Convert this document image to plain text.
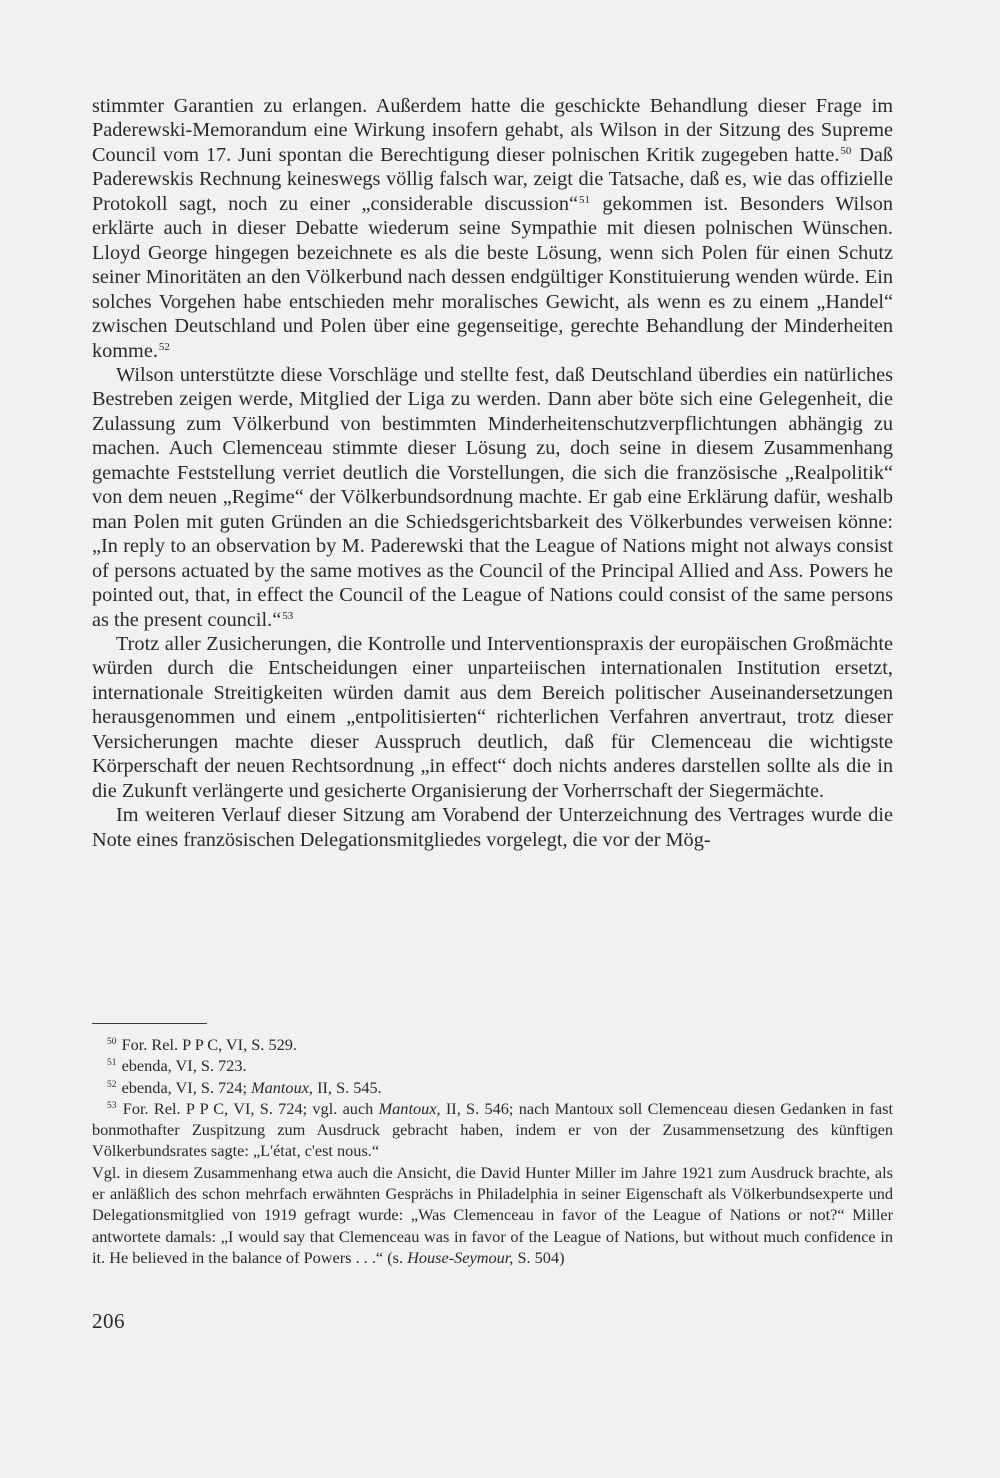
stimmter Garantien zu erlangen. Außerdem hatte die geschickte Behandlung dieser Frage im Paderewski-Memorandum eine Wirkung insofern gehabt, als Wilson in der Sitzung des Supreme Council vom 17. Juni spontan die Berechtigung dieser polnischen Kritik zugegeben hatte.$^{50}$ Daß Paderewskis Rechnung keineswegs völlig falsch war, zeigt die Tatsache, daß es, wie das offizielle Protokoll sagt, noch zu einer „considerable discussion“$^{51}$ gekommen ist. Besonders Wilson erklärte auch in dieser Debatte wiederum seine Sympathie mit diesen polnischen Wünschen. Lloyd George hingegen bezeichnete es als die beste Lösung, wenn sich Polen für einen Schutz seiner Minoritäten an den Völkerbund nach dessen endgültiger Konstituierung wenden würde. Ein solches Vorgehen habe entschieden mehr moralisches Gewicht, als wenn es zu einem „Handel“ zwischen Deutschland und Polen über eine gegenseitige, gerechte Behandlung der Minderheiten komme.$^{52}$

Wilson unterstützte diese Vorschläge und stellte fest, daß Deutschland überdies ein natürliches Bestreben zeigen werde, Mitglied der Liga zu werden. Dann aber böte sich eine Gelegenheit, die Zulassung zum Völkerbund von bestimmten Minderheitenschutzverpflichtungen abhängig zu machen. Auch Clemenceau stimmte dieser Lösung zu, doch seine in diesem Zusammenhang gemachte Feststellung verriet deutlich die Vorstellungen, die sich die französische „Realpolitik“ von dem neuen „Regime“ der Völkerbundsordnung machte. Er gab eine Erklärung dafür, weshalb man Polen mit guten Gründen an die Schiedsgerichtsbarkeit des Völkerbundes verweisen könne: „In reply to an observation by M. Paderewski that the League of Nations might not always consist of persons actuated by the same motives as the Council of the Principal Allied and Ass. Powers he pointed out, that, in effect the Council of the League of Nations could consist of the same persons as the present council.“$^{53}$

Trotz aller Zusicherungen, die Kontrolle und Interventionspraxis der europäischen Großmächte würden durch die Entscheidungen einer unparteiischen internationalen Institution ersetzt, internationale Streitigkeiten würden damit aus dem Bereich politischer Auseinandersetzungen herausgenommen und einem „entpolitisierten“ richterlichen Verfahren anvertraut, trotz dieser Versicherungen machte dieser Ausspruch deutlich, daß für Clemenceau die wichtigste Körperschaft der neuen Rechtsordnung „in effect“ doch nichts anderes darstellen sollte als die in die Zukunft verlängerte und gesicherte Organisierung der Vorherrschaft der Siegermächte.

Im weiteren Verlauf dieser Sitzung am Vorabend der Unterzeichnung des Vertrages wurde die Note eines französischen Delegationsmitgliedes vorgelegt, die vor der Mög-

$^{50}$ For. Rel. P P C, VI, S. 529.

$^{51}$ ebenda, VI, S. 723.

$^{52}$ ebenda, VI, S. 724; Mantoux, II, S. 545.

$^{53}$ For. Rel. P P C, VI, S. 724; vgl. auch Mantoux, II, S. 546; nach Mantoux soll Clemenceau diesen Gedanken in fast bonmothafter Zuspitzung zum Ausdruck gebracht haben, indem er von der Zusammensetzung des künftigen Völkerbundsrates sagte: „L'état, c'est nous.“

Vgl. in diesem Zusammenhang etwa auch die Ansicht, die David Hunter Miller im Jahre 1921 zum Ausdruck brachte, als er anläßlich des schon mehrfach erwähnten Gesprächs in Philadelphia in seiner Eigenschaft als Völkerbundsexperte und Delegationsmitglied von 1919 gefragt wurde: „Was Clemenceau in favor of the League of Nations or not?“ Miller antwortete damals: „I would say that Clemenceau was in favor of the League of Nations, but without much confidence in it. He believed in the balance of Powers . . .“ (s. House-Seymour, S. 504)

206
